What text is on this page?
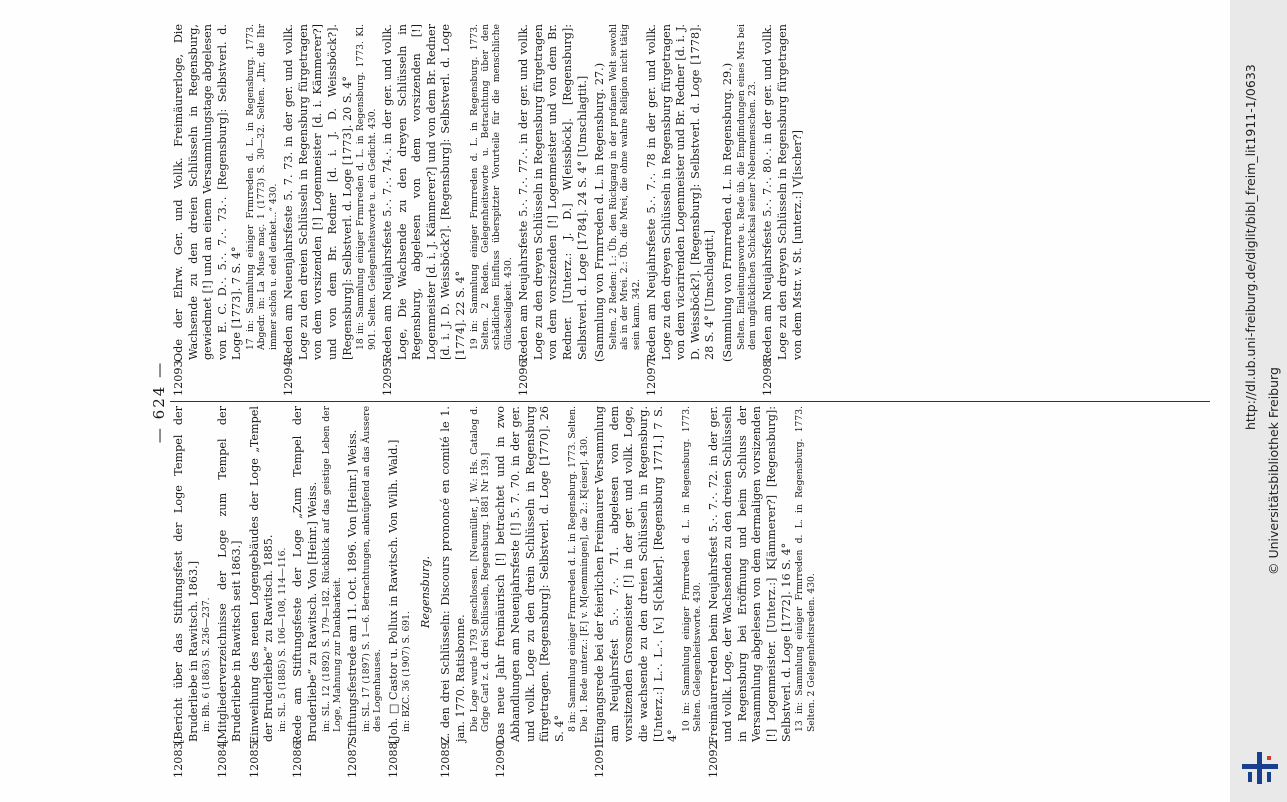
— 624 —
12083.[Bericht über das Stiftungsfest der Loge Tempel der Bruderliebe in Rawitsch. 1863.] in: Bh. 6 (1863) S. 236—237.
12084.[Mitgliederverzeichnisse der Loge zum Tempel der Bruderliebe in Rawitsch seit 1863.]
12085.Einweihung des neuen Logengebäudes der Loge „Tempel der Bruderliebe“ zu Rawitsch. 1885. in: SL. 5 (1885) S. 106—108, 114—116.
12086.Rede am Stiftungsfeste der Loge „Zum Tempel der Bruderliebe“ zu Rawitsch. Von [Heinr.] Weiss. in: SL. 12 (1892) S. 179—182. Rückblick auf das geistige Leben der Loge, Mahnung zur Dankbarkeit.
12087.Stiftungsfestrede am 11. Oct. 1896. Von [Heinr.] Weiss. in: SL. 17 (1897) S. 1—6. Betrachtungen, anknüpfend an das Äussere des Logenhauses.
12088.[Joh. □ Castor u. Pollux in Rawitsch. Von Wilh. Wald.] in: BZC. 36 (1907) S. 691.
Regensburg.
12089.Z. den drei Schlüsseln: Discours prononcé en comité le 1. jan. 1770. Ratisbonne. Die Loge wurde 1793 geschlossen. [Neumüller, J. W.: Hs. Catalog d. Grlge Carl z. d. drei Schlüsseln, Regensburg. 1881 Nr 139.]
12090.Das neue Jahr freimäurisch [!] betrachtet und in zwo Abhandlungen am Neuenjahrsfeste [!] 5. 7. 70. in der ger. und vollk. Loge zu den drein Schlüsseln in Regensburg fürgetragen. [Regensburg]: Selbstverl. d. Loge [1770]. 26 S. 4° 8 in: Sammlung einiger Frmrreden d. L. in Regensburg. 1773. Selten. Die 1. Rede unterz.: [F.] v. M[oemmingen], die 2.: K[eiser]. 430.
12091.Eingangsrede bei der feierlichen Freimaurer Versammlung am Neujahrsfest 5.·. 7.·. 71. abgelesen von dem vorsitzenden Grosmeister [!] in der ger. und vollk. Loge, die wachsende zu den dreien Schlüsseln in Regensburg. [Unterz.:] L.·. L.·. [v.] S[chkler]. [Regensburg 1771.] 7 S. 4°
10 in: Sammlung einiger Frmrreden d. L. in Regensburg. 1773. Selten. Gelegenheitsworte. 430.
12092.Freimäurerreden beim Neujahrsfest 5.·. 7.·. 72. in der ger. und vollk. Loge, der Wachsenden zu den dreien Schlüsseln in Regensburg bei Eröffnung und beim Schluss der Versammlung abgelesen von dem dermaligen vorsizenden [!] Logenmeister. [Unterz.:] K[ämmerer?] [Regensburg]: Selbstverl. d. Loge [1772]. 16 S. 4° 13 in: Sammlung einiger Frmrreden d. L. in Regensburg. 1773. Selten. 2 Gelegenheitsreden. 430.
12093.Ode der Ehrw. Ger. und Vollk. Freimäurerloge, Die Wachsende zu den dreien Schlüsseln in Regensburg, gewiedmet [!] und an einem Versammlungstage abgelesen von E. C. D.·. 5.·. 7.·. 73.·. [Regensburg]: Selbstverl. d. Loge [1773]. 7 S. 4° 17 in: Sammlung einiger Frmrreden d. L. in Regensburg. 1773. Abgedr. in: La Muse maç. 1 (1773) S. 30—32. Selten. „Ihr, die Ihr immer schön u. edel denket...“ 430.
12094.Reden am Neuenjahrsfeste 5. 7. 73. in der ger. und vollk. Loge zu den dreien Schlüsseln in Regensburg fürgetragen von dem vorsizenden [!] Logenmeister [d. i. Kämmerer?] und von dem Br. Redner [d. i. J. D. Weissböck?]. [Regensburg]: Selbstverl. d. Loge [1773]. 20 S. 4° 18 in: Sammlung einiger Frmrreden d. L. in Regensburg. 1773. Kl. 901. Selten. Gelegenheitsworte u. ein Gedicht. 430.
12095.Reden am Neujahrsfeste 5.·. 7.·. 74.·. in der ger. und vollk. Loge, Die Wachsende zu den dreyen Schlüsseln in Regensburg, abgelesen von dem vorsizenden [!] Logenmeister [d. i. J. Kämmerer?] und von dem Br. Redner [d. i. J. D. Weissböck?]. [Regensburg]: Selbstverl. d. Loge [1774]. 22 S. 4° 19 in: Sammlung einiger Frmrreden d. L. in Regensburg. 1773. Selten. 2 Reden. Gelegenheitsworte u. Betrachtung über den schädlichen Einfluss überspitzter Vorurteile für die menschliche Glückseligkeit. 430.
12096.Reden am Neujahrsfeste 5.·. 7.·. 77.·. in der ger. und vollk. Loge zu den dreyen Schlüsseln in Regensburg fürgetragen von dem vorsizenden [!] Logenmeister und von dem Br. Redner. [Unterz.: J. D.] W[eissböck]. [Regensburg]: Selbstverl. d. Loge [1784]. 24 S. 4° [Umschlagtit.] (Sammlung von Frmrreden d. L. in Regensburg. 27.) Selten. 2 Reden: 1.: Üb. den Rückgang in der profanen Welt sowohl als in der Mrei. 2.: Üb. die Mrei, die ohne wahre Religion nicht tätig sein kann. 342.
12097.Reden am Neujahrsfeste 5.·. 7.·. 78 in der ger. und vollk. Loge zu den dreyen Schlüsseln in Regensburg fürgetragen von dem vicarirenden Logenmeister und Br. Redner [d. i. J. D. Weissböck?]. [Regensburg]: Selbstverl. d. Loge [1778]. 28 S. 4° [Umschlagtit.] (Sammlung von Frmrreden d. L. in Regensburg. 29.) Selten. Einleitungsworte u. Rede üb. die Empfindungen eines Mrs bei dem unglücklichen Schicksal seiner Nebenmenschen. 23.
12098.Reden am Neujahrsfeste 5.·. 7.·. 80.·. in der ger. und vollk. Loge zu den dreyen Schlüsseln in Regensburg fürgetragen von dem Mstr. v. St. [unterz.:] V[ischer?]	http://dl.ub.uni-freiburg.de/diglit/bibl_freim_lit1911-1/0633
© Universitätsbibliothek Freiburg
